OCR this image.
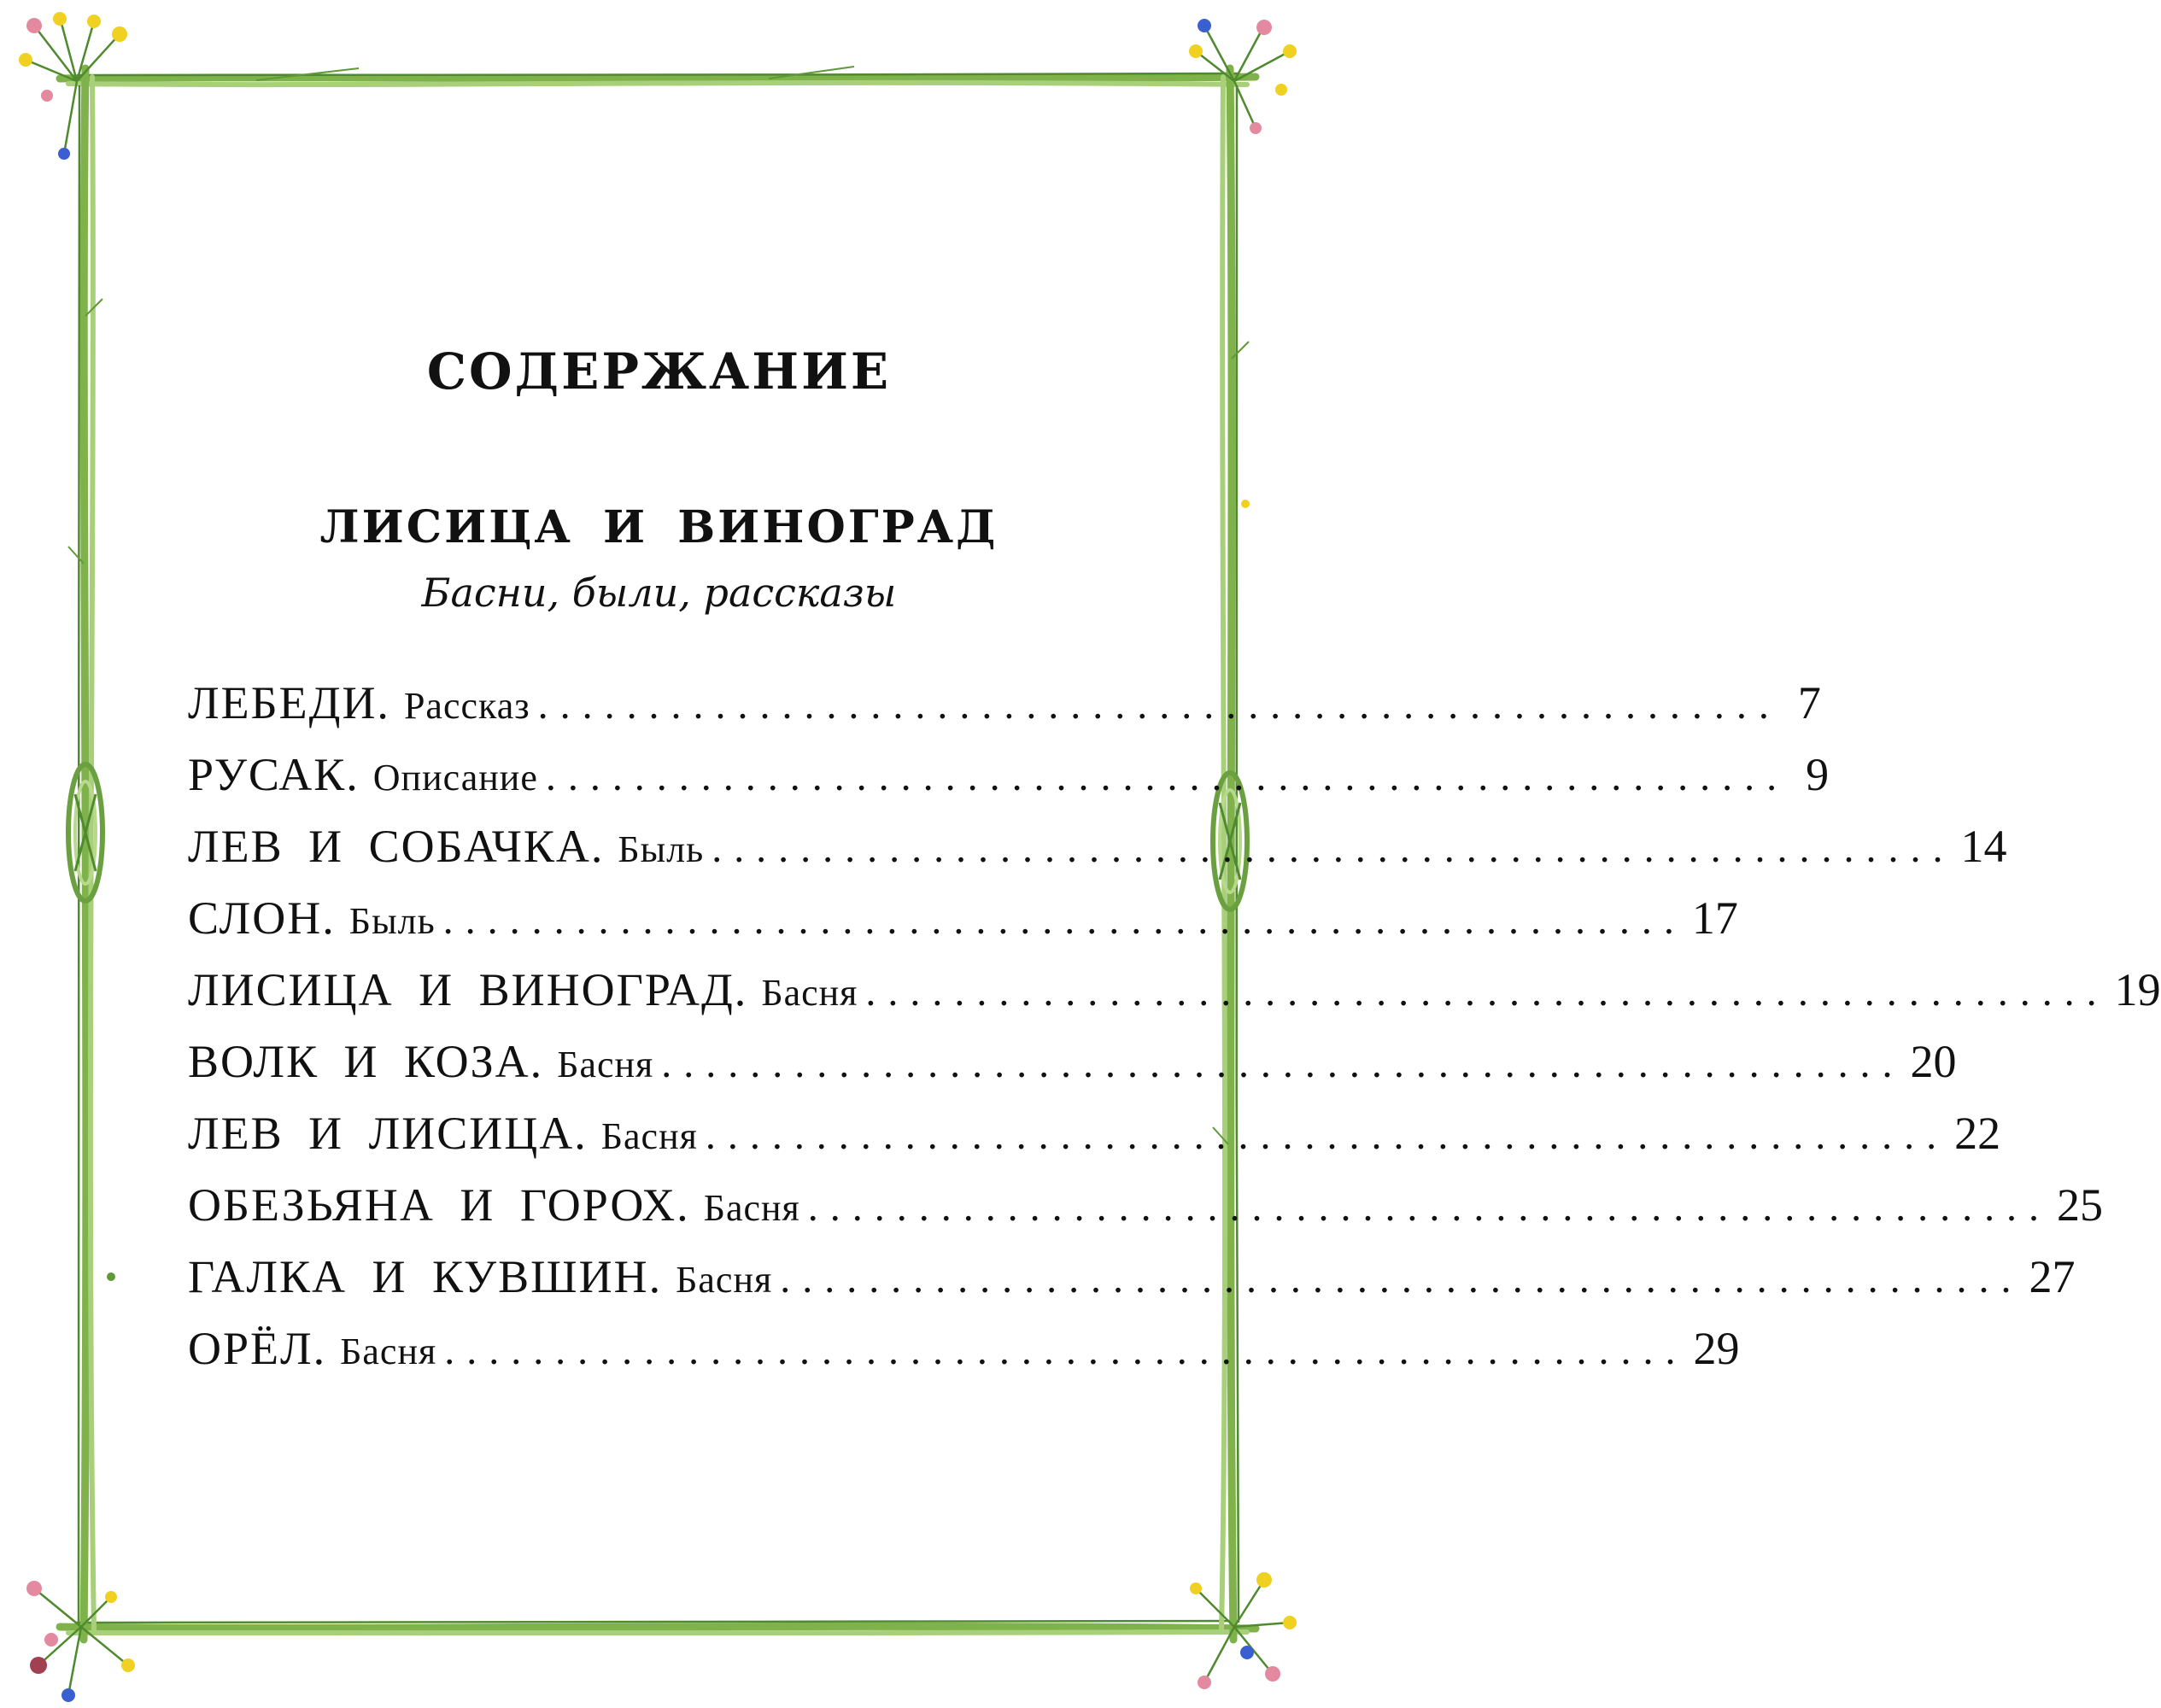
СОДЕРЖАНИЕ
ЛИСИЦА И ВИНОГРАД
Басни, были, рассказы
ЛЕБЕДИ. Рассказ ........................................................ 7
РУСАК. Описание ........................................................ 9
ЛЕВ И СОБАЧКА. Быль ........................................................ 14
СЛОН. Быль ........................................................ 17
ЛИСИЦА И ВИНОГРАД. Басня ........................................................ 19
ВОЛК И КОЗА. Басня ........................................................ 20
ЛЕВ И ЛИСИЦА. Басня ........................................................ 22
ОБЕЗЬЯНА И ГОРОХ. Басня ........................................................ 25
ГАЛКА И КУВШИН. Басня ........................................................ 27
ОРЁЛ. Басня ........................................................ 29
